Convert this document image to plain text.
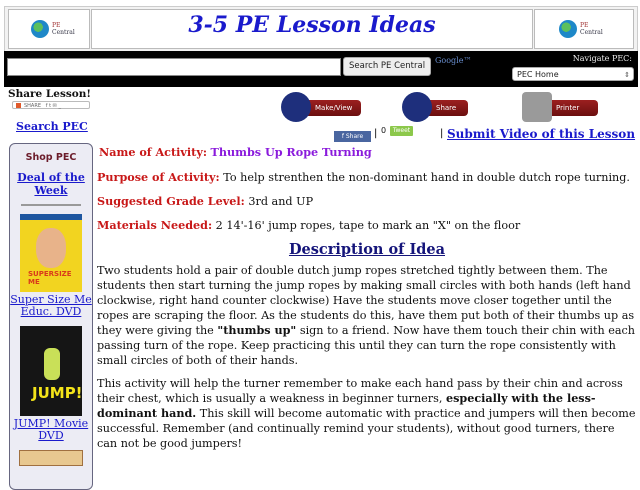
PE
Central	3-5 PE Lesson Ideas	PE
Central
Search PE Central
Google™	Navigate PEC:
PEC Home	⇕
Share Lesson!
SHARE f t ✉ _
Search PEC
Shop PEC
Deal of the Week
SUPERSIZE ME
Super Size Me Educ. DVD
JUMP!
JUMP! Movie DVD
Make/View Comments
Share This Idea
Printer Friendly
f Share	| 0	Tweet	| Submit Video of this Lesson
Name of Activity: Thumbs Up Rope Turning
Purpose of Activity: To help strenthen the non-dominant hand in double dutch rope turning.
Suggested Grade Level: 3rd and UP
Materials Needed: 2 14'-16' jump ropes, tape to mark an "X" on the floor
Description of Idea

Two students hold a pair of double dutch jump ropes stretched tightly between them. The students then start turning the jump ropes by making small circles with both hands (left hand clockwise, right hand counter clockwise) Have the students move closer together until the ropes are scraping the floor. As the students do this, have them put both of their thumbs up as they were giving the "thumbs up" sign to a friend. Now have them touch their chin with each passing turn of the rope. Keep practicing this until they can turn the rope consistently with small circles of both of their hands.

This activity will help the turner remember to make each hand pass by their chin and across their chest, which is usually a weakness in beginner turners, especially with the less-dominant hand. This skill will become automatic with practice and jumpers will then become successful. Remember (and continually remind your students), without good turners, there can not be good jumpers!
